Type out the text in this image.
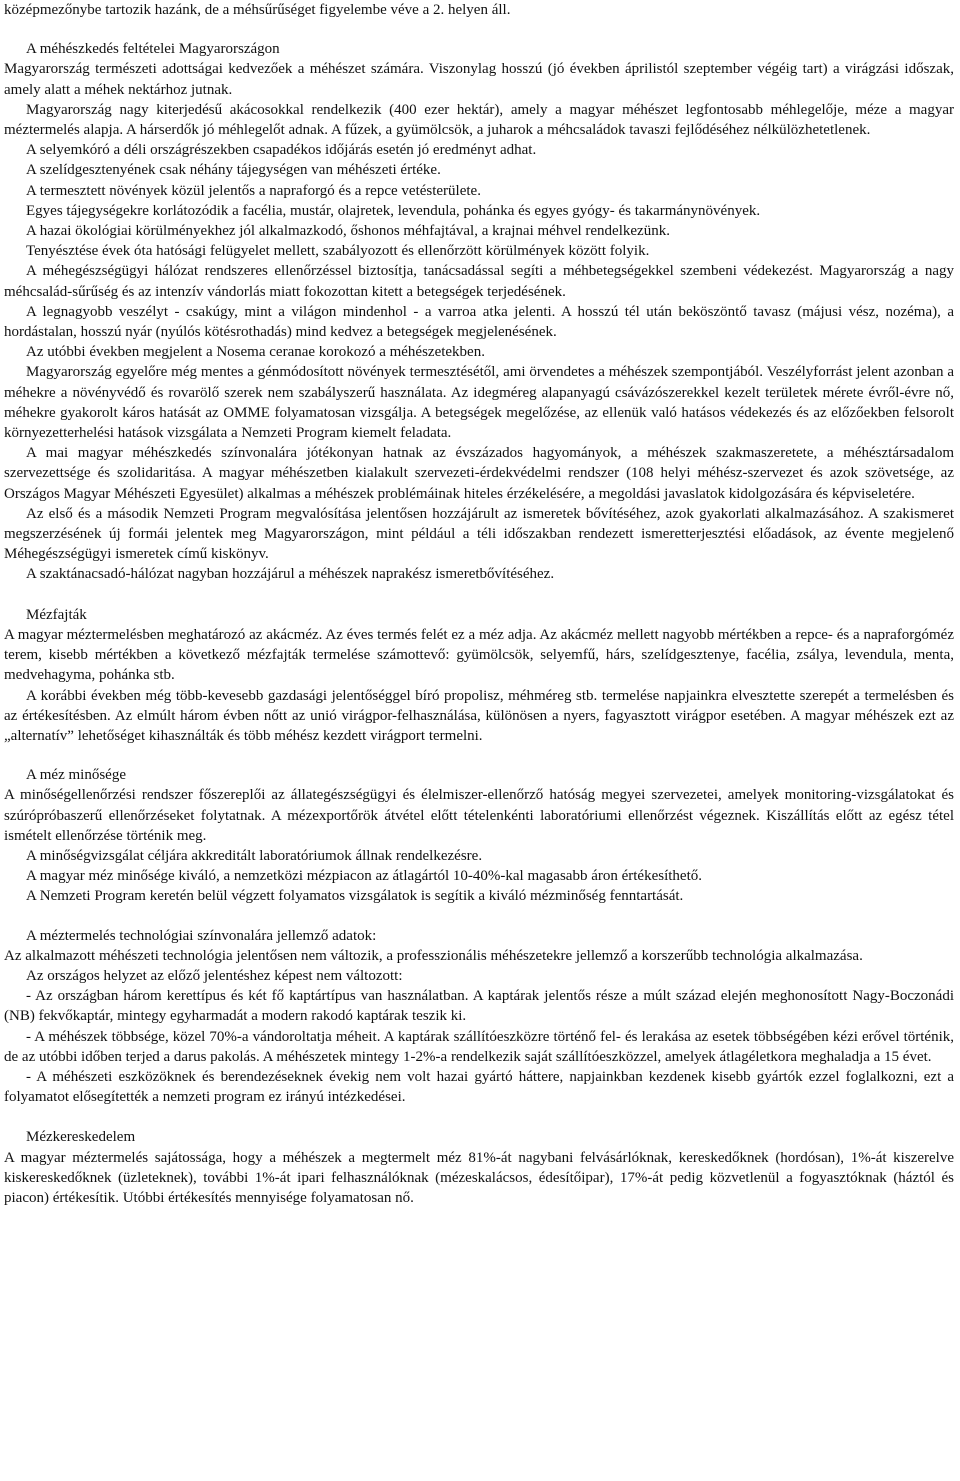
középmezőnybe tartozik hazánk, de a méhsűrűséget figyelembe véve a 2. helyen áll.

A méhészkedés feltételei Magyarországon

Magyarország természeti adottságai kedvezőek a méhészet számára. Viszonylag hosszú (jó években áprilistól szeptember végéig tart) a virágzási időszak, amely alatt a méhek nektárhoz jutnak.

Magyarország nagy kiterjedésű akácosokkal rendelkezik (400 ezer hektár), amely a magyar méhészet legfontosabb méhlegelője, méze a magyar méztermelés alapja. A hárserdők jó méhlegelőt adnak. A fűzek, a gyümölcsök, a juharok a méhcsaládok tavaszi fejlődéséhez nélkülözhetetlenek.

A selyemkóró a déli országrészekben csapadékos időjárás esetén jó eredményt adhat.

A szelídgesztenyének csak néhány tájegységen van méhészeti értéke.

A termesztett növények közül jelentős a napraforgó és a repce vetésterülete.

Egyes tájegységekre korlátozódik a facélia, mustár, olajretek, levendula, pohánka és egyes gyógy- és takarmánynövények.

A hazai ökológiai körülményekhez jól alkalmazkodó, őshonos méhfajtával, a krajnai méhvel rendelkezünk.

Tenyésztése évek óta hatósági felügyelet mellett, szabályozott és ellenőrzött körülmények között folyik.

A méhegészségügyi hálózat rendszeres ellenőrzéssel biztosítja, tanácsadással segíti a méhbetegségekkel szembeni védekezést. Magyarország a nagy méhcsalád-sűrűség és az intenzív vándorlás miatt fokozottan kitett a betegségek terjedésének.

A legnagyobb veszélyt - csakúgy, mint a világon mindenhol - a varroa atka jelenti. A hosszú tél után beköszöntő tavasz (májusi vész, nozéma), a hordástalan, hosszú nyár (nyúlós kötésrothadás) mind kedvez a betegségek megjelenésének.

Az utóbbi években megjelent a Nosema ceranae korokozó a méhészetekben.

Magyarország egyelőre még mentes a génmódosított növények termesztésétől, ami örvendetes a méhészek szempontjából. Veszélyforrást jelent azonban a méhekre a növényvédő és rovarölő szerek nem szabályszerű használata. Az idegméreg alapanyagú csávázószerekkel kezelt területek mérete évről-évre nő, méhekre gyakorolt káros hatását az OMME folyamatosan vizsgálja. A betegségek megelőzése, az ellenük való hatásos védekezés és az előzőekben felsorolt környezetterhelési hatások vizsgálata a Nemzeti Program kiemelt feladata.

A mai magyar méhészkedés színvonalára jótékonyan hatnak az évszázados hagyományok, a méhészek szakmaszeretete, a méhésztársadalom szervezettsége és szolidaritása. A magyar méhészetben kialakult szervezeti-érdekvédelmi rendszer (108 helyi méhész-szervezet és azok szövetsége, az Országos Magyar Méhészeti Egyesület) alkalmas a méhészek problémáinak hiteles érzékelésére, a megoldási javaslatok kidolgozására és képviseletére.

Az első és a második Nemzeti Program megvalósítása jelentősen hozzájárult az ismeretek bővítéséhez, azok gyakorlati alkalmazásához. A szakismeret megszerzésének új formái jelentek meg Magyarországon, mint például a téli időszakban rendezett ismeretterjesztési előadások, az évente megjelenő Méhegészségügyi ismeretek című kiskönyv.

A szaktánacsadó-hálózat nagyban hozzájárul a méhészek naprakész ismeretbővítéséhez.

Mézfajták

A magyar méztermelésben meghatározó az akácméz. Az éves termés felét ez a méz adja. Az akácméz mellett nagyobb mértékben a repce- és a napraforgóméz terem, kisebb mértékben a következő mézfajták termelése számottevő: gyümölcsök, selyemfű, hárs, szelídgesztenye, facélia, zsálya, levendula, menta, medvehagyma, pohánka stb.

A korábbi években még több-kevesebb gazdasági jelentőséggel bíró propolisz, méhméreg stb. termelése napjainkra elvesztette szerepét a termelésben és az értékesítésben. Az elmúlt három évben nőtt az unió virágpor-felhasználása, különösen a nyers, fagyasztott virágpor esetében. A magyar méhészek ezt az „alternatív” lehetőséget kihasználták és több méhész kezdett virágport termelni.

A méz minősége

A minőségellenőrzési rendszer főszereplői az állategészségügyi és élelmiszer-ellenőrző hatóság megyei szervezetei, amelyek monitoring-vizsgálatokat és szúrópróbaszerű ellenőrzéseket folytatnak. A mézexportőrök átvétel előtt tételenkénti laboratóriumi ellenőrzést végeznek. Kiszállítás előtt az egész tétel ismételt ellenőrzése történik meg.

A minőségvizsgálat céljára akkreditált laboratóriumok állnak rendelkezésre.

A magyar méz minősége kiváló, a nemzetközi mézpiacon az átlagártól 10-40%-kal magasabb áron értékesíthető.

A Nemzeti Program keretén belül végzett folyamatos vizsgálatok is segítik a kiváló mézminőség fenntartását.

A méztermelés technológiai színvonalára jellemző adatok:

Az alkalmazott méhészeti technológia jelentősen nem változik, a professzionális méhészetekre jellemző a korszerűbb technológia alkalmazása.

Az országos helyzet az előző jelentéshez képest nem változott:

- Az országban három kerettípus és két fő kaptártípus van használatban. A kaptárak jelentős része a múlt század elején meghonosított Nagy-Boczonádi (NB) fekvőkaptár, mintegy egyharmadát a modern rakodó kaptárak teszik ki.

- A méhészek többsége, közel 70%-a vándoroltatja méheit. A kaptárak szállítóeszközre történő fel- és lerakása az esetek többségében kézi erővel történik, de az utóbbi időben terjed a darus pakolás. A méhészetek mintegy 1-2%-a rendelkezik saját szállítóeszközzel, amelyek átlagéletkora meghaladja a 15 évet.

- A méhészeti eszközöknek és berendezéseknek évekig nem volt hazai gyártó háttere, napjainkban kezdenek kisebb gyártók ezzel foglalkozni, ezt a folyamatot elősegítették a nemzeti program ez irányú intézkedései.

Mézkereskedelem

A magyar méztermelés sajátossága, hogy a méhészek a megtermelt méz 81%-át nagybani felvásárlóknak, kereskedőknek (hordósan), 1%-át kiszerelve kiskereskedőknek (üzleteknek), további 1%-át ipari felhasználóknak (mézeskalácsos, édesítőipar), 17%-át pedig közvetlenül a fogyasztóknak (háztól és piacon) értékesítik. Utóbbi értékesítés mennyisége folyamatosan nő.
